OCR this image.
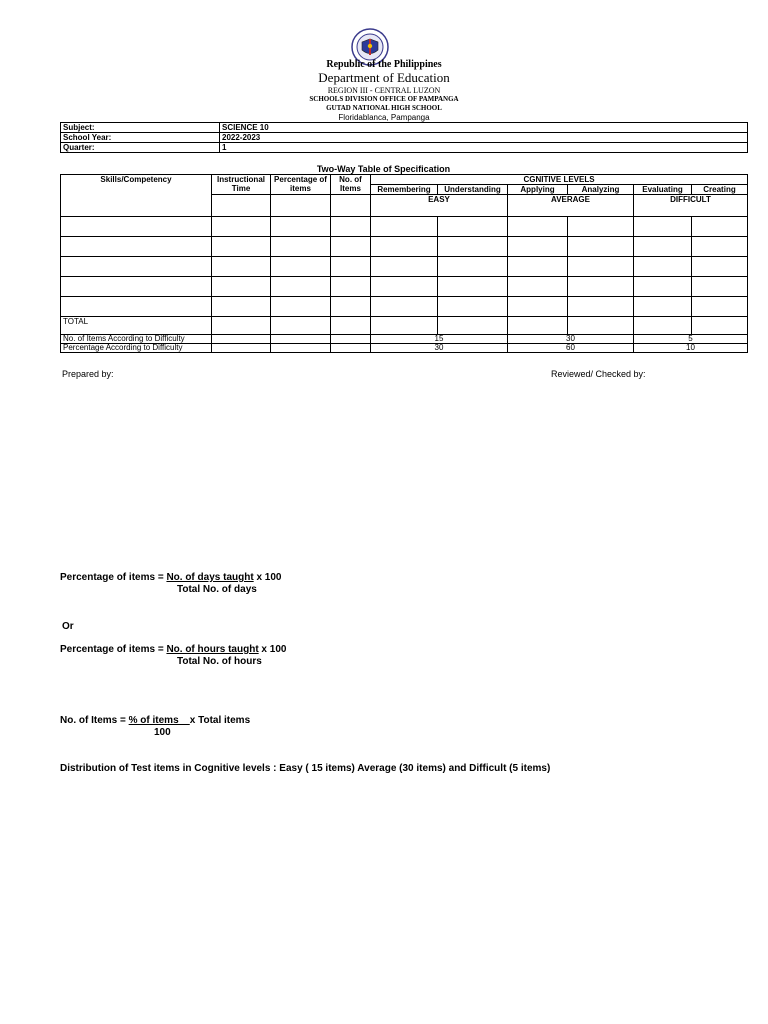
Republic of the Philippines
Department of Education
REGION III - CENTRAL LUZON
SCHOOLS DIVISION OFFICE OF PAMPANGA
GUTAD NATIONAL HIGH SCHOOL
Floridablanca, Pampanga
Subject:	SCIENCE 10
School Year:	2022-2023
Quarter:	1
Two-Way Table of Specification
Skills/Competency	Instructional Time	Percentage of items	No. of Items	CGNITIVE LEVELS					
				Remembering	Understanding	Applying	Analyzing	Evaluating	Creating
				EASY		AVERAGE		DIFFICULT	

TOTAL									
No. of Items According to Difficulty				15		30		5	
Percentage According to Difficulty				30		60		10	
Prepared by:	Reviewed/ Checked by:
Percentage of items = No. of days taught x 100
Total No. of days
Or
Percentage of items = No. of hours taught x 100
Total No. of hours
No. of Items = % of items    x Total items
100
Distribution of Test items in Cognitive levels : Easy ( 15 items) Average (30 items) and Difficult (5 items)
